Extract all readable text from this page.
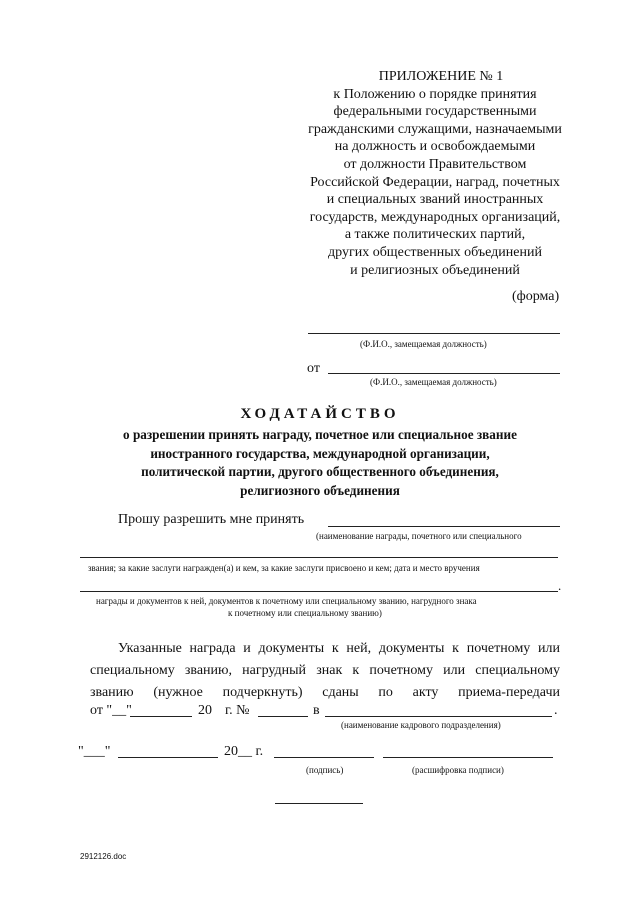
ПРИЛОЖЕНИЕ № 1
к Положению о порядке принятия
федеральными государственными
гражданскими служащими, назначаемыми
на должность и освобождаемыми
от должности Правительством
Российской Федерации, наград, почетных
и специальных званий иностранных
государств, международных организаций,
а также политических партий,
других общественных объединений
и религиозных объединений
(форма)
(Ф.И.О., замещаемая должность)
от
(Ф.И.О., замещаемая должность)
ХОДАТАЙСТВО
о разрешении принять награду, почетное или специальное звание
иностранного государства, международной организации,
политической партии, другого общественного объединения,
религиозного объединения
Прошу разрешить мне принять
(наименование награды, почетного или специального
звания; за какие заслуги награжден(а) и кем, за какие заслуги присвоено и кем; дата и место вручения
.
награды и документов к ней, документов к почетному или специальному званию, нагрудного знака
к почетному или специальному званию)
Указанные награда и документы к ней, документы к почетному или
специальному званию, нагрудный знак к почетному или специальному
званию (нужное подчеркнуть) сданы по акту приема-передачи
от "__"	20 г. №	в	.
(наименование кадрового подразделения)
"___"	20__ г.
(подпись)	(расшифровка подписи)
2912126.doc
